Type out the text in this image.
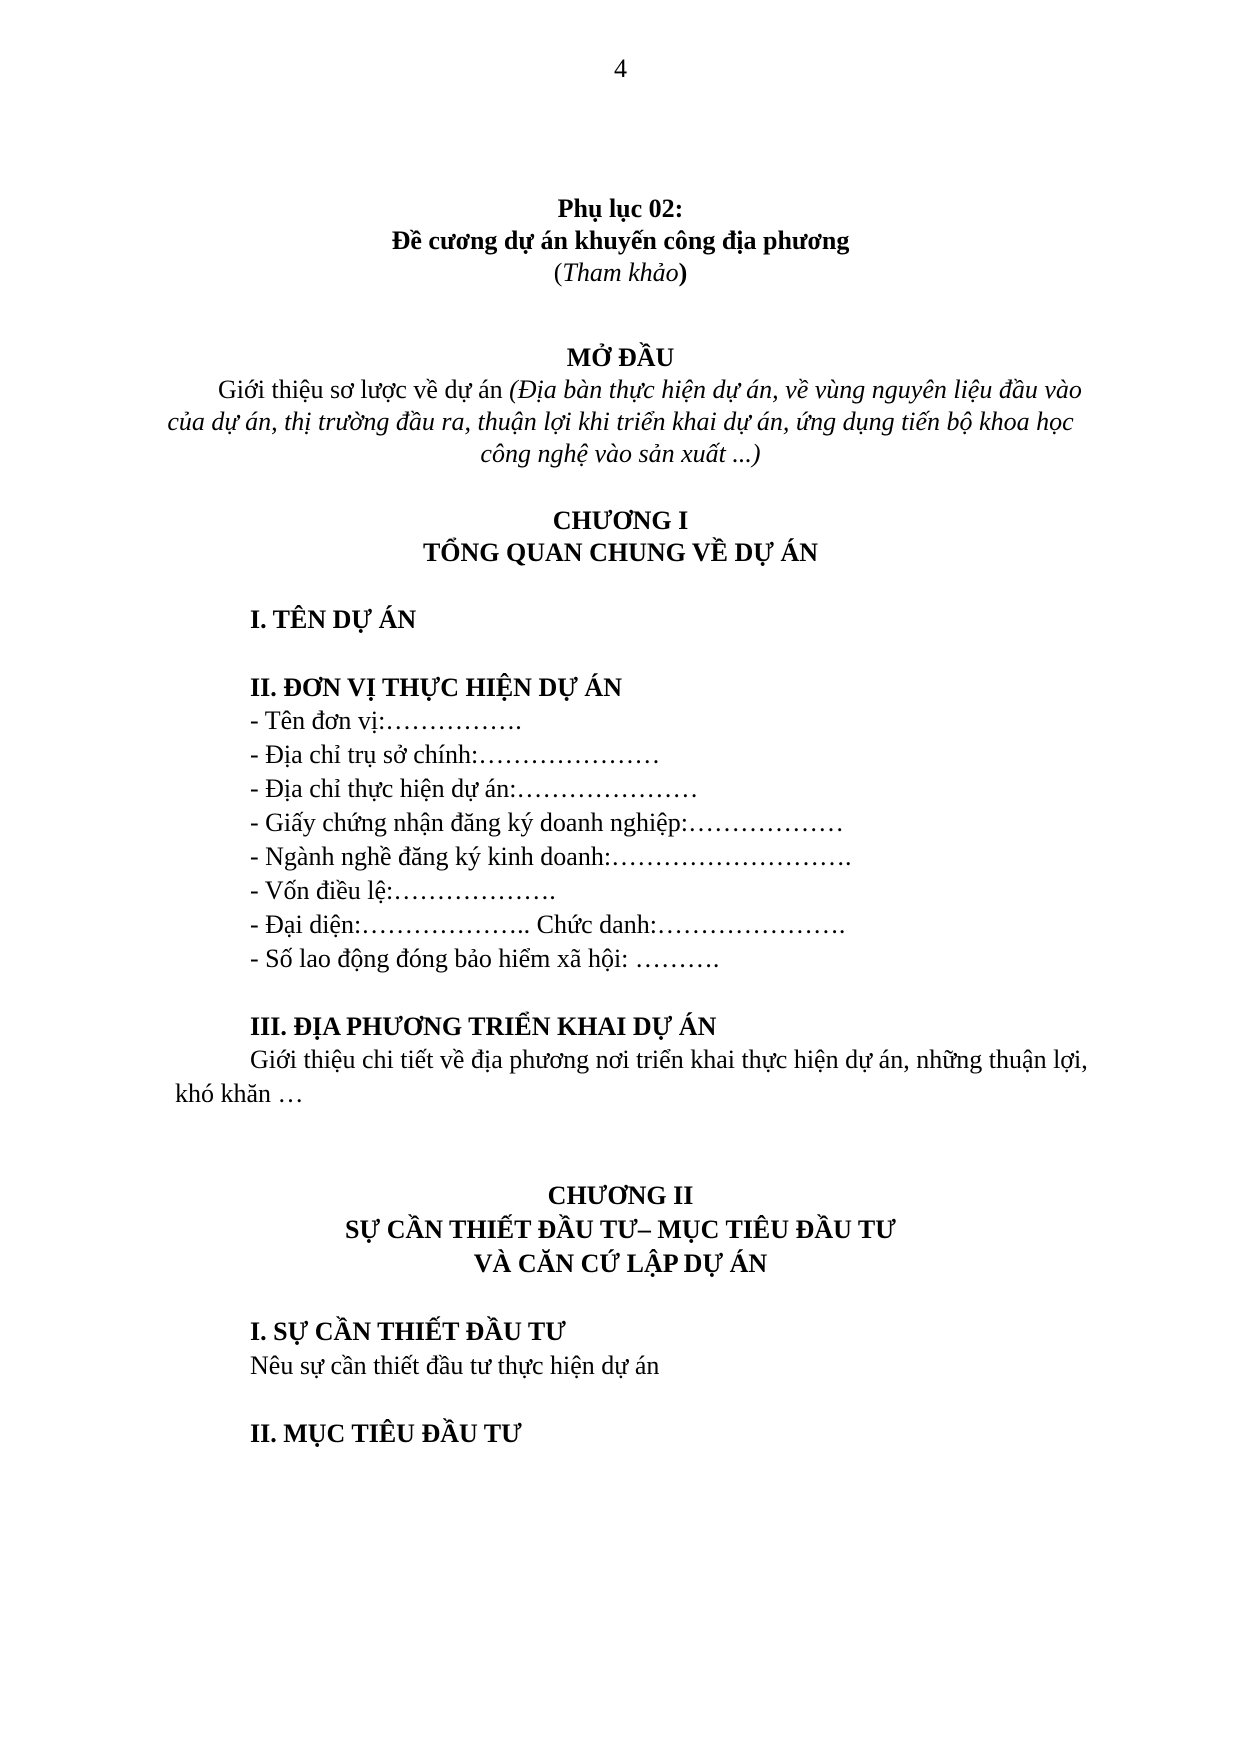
4
Phụ lục 02:
Đề cương dự án khuyến công địa phương
(Tham khảo)
MỞ ĐẦU
Giới thiệu sơ lược về dự án (Địa bàn thực hiện dự án, về vùng nguyên liệu đầu vào
của dự án, thị trường đầu ra, thuận lợi khi triển khai dự án, ứng dụng tiến bộ khoa học
công nghệ vào sản xuất ...)
CHƯƠNG I
TỔNG QUAN CHUNG VỀ DỰ ÁN
I. TÊN DỰ ÁN
II. ĐƠN VỊ THỰC HIỆN DỰ ÁN
- Tên đơn vị:…………….
- Địa chỉ trụ sở chính:…………………
- Địa chỉ thực hiện dự án:…………………
- Giấy chứng nhận đăng ký doanh nghiệp:………………
- Ngành nghề đăng ký kinh doanh:……………………….
- Vốn điều lệ:……………….
- Đại diện:……………….. Chức danh:………………….
- Số lao động đóng bảo hiểm xã hội: ……….
III. ĐỊA PHƯƠNG TRIỂN KHAI DỰ ÁN
Giới thiệu chi tiết về địa phương nơi triển khai thực hiện dự án, những thuận lợi,
khó khăn …
CHƯƠNG II
SỰ CẦN THIẾT ĐẦU TƯ– MỤC TIÊU ĐẦU TƯ
VÀ CĂN CỨ LẬP DỰ ÁN
I. SỰ CẦN THIẾT ĐẦU TƯ
Nêu sự cần thiết đầu tư thực hiện dự án
II. MỤC TIÊU ĐẦU TƯ
